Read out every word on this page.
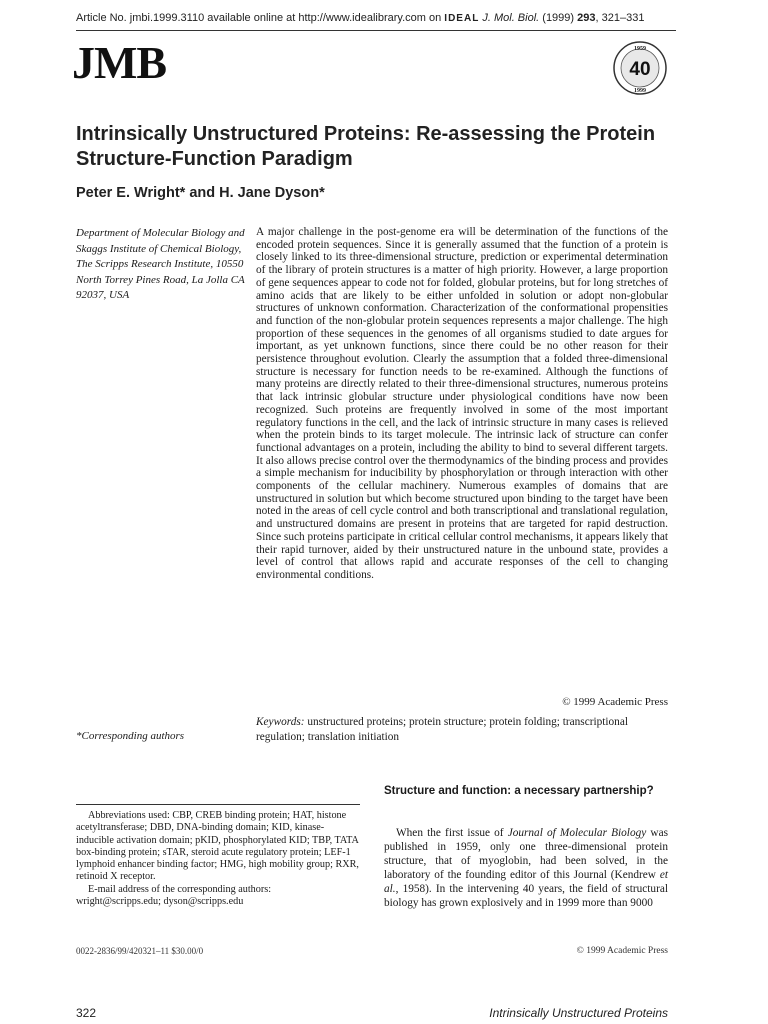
Article No. jmbi.1999.3110 available online at http://www.idealibrary.com on IDEAL J. Mol. Biol. (1999) 293, 321–331
JMB	1959
40
1999
Intrinsically Unstructured Proteins: Re-assessing the Protein Structure-Function Paradigm
Peter E. Wright* and H. Jane Dyson*
Department of Molecular Biology and Skaggs Institute of Chemical Biology, The Scripps Research Institute, 10550 North Torrey Pines Road, La Jolla CA 92037, USA
*Corresponding authors
A major challenge in the post-genome era will be determination of the functions of the encoded protein sequences. Since it is generally assumed that the function of a protein is closely linked to its three-dimensional structure, prediction or experimental determination of the library of protein structures is a matter of high priority. However, a large proportion of gene sequences appear to code not for folded, globular proteins, but for long stretches of amino acids that are likely to be either unfolded in solution or adopt non-globular structures of unknown conformation. Characterization of the conformational propensities and function of the non-globular protein sequences represents a major challenge. The high proportion of these sequences in the genomes of all organisms studied to date argues for important, as yet unknown functions, since there could be no other reason for their persistence throughout evolution. Clearly the assumption that a folded three-dimensional structure is necessary for function needs to be re-examined. Although the functions of many proteins are directly related to their three-dimensional structures, numerous proteins that lack intrinsic globular structure under physiological conditions have now been recognized. Such proteins are frequently involved in some of the most important regulatory functions in the cell, and the lack of intrinsic structure in many cases is relieved when the protein binds to its target molecule. The intrinsic lack of structure can confer functional advantages on a protein, including the ability to bind to several different targets. It also allows precise control over the thermodynamics of the binding process and provides a simple mechanism for inducibility by phosphorylation or through interaction with other components of the cellular machinery. Numerous examples of domains that are unstructured in solution but which become structured upon binding to the target have been noted in the areas of cell cycle control and both transcriptional and translational regulation, and unstructured domains are present in proteins that are targeted for rapid destruction. Since such proteins participate in critical cellular control mechanisms, it appears likely that their rapid turnover, aided by their unstructured nature in the unbound state, provides a level of control that allows rapid and accurate responses of the cell to changing environmental conditions.
© 1999 Academic Press
Keywords: unstructured proteins; protein structure; protein folding; transcriptional regulation; translation initiation

Abbreviations used: CBP, CREB binding protein; HAT, histone acetyltransferase; DBD, DNA-binding domain; KID, kinase-inducible activation domain; pKID, phosphorylated KID; TBP, TATA box-binding protein; sTAR, steroid acute regulatory protein; LEF-1 lymphoid enhancer binding factor; HMG, high mobility group; RXR, retinoid X receptor.

E-mail address of the corresponding authors:

wright@scripps.edu; dyson@scripps.edu
Structure and function: a necessary partnership?
When the first issue of Journal of Molecular Biology was published in 1959, only one three-dimensional protein structure, that of myoglobin, had been solved, in the laboratory of the founding editor of this Journal (Kendrew et al., 1958). In the intervening 40 years, the field of structural biology has grown explosively and in 1999 more than 9000
0022-2836/99/420321–11 $30.00/0	© 1999 Academic Press
322	Intrinsically Unstructured Proteins
